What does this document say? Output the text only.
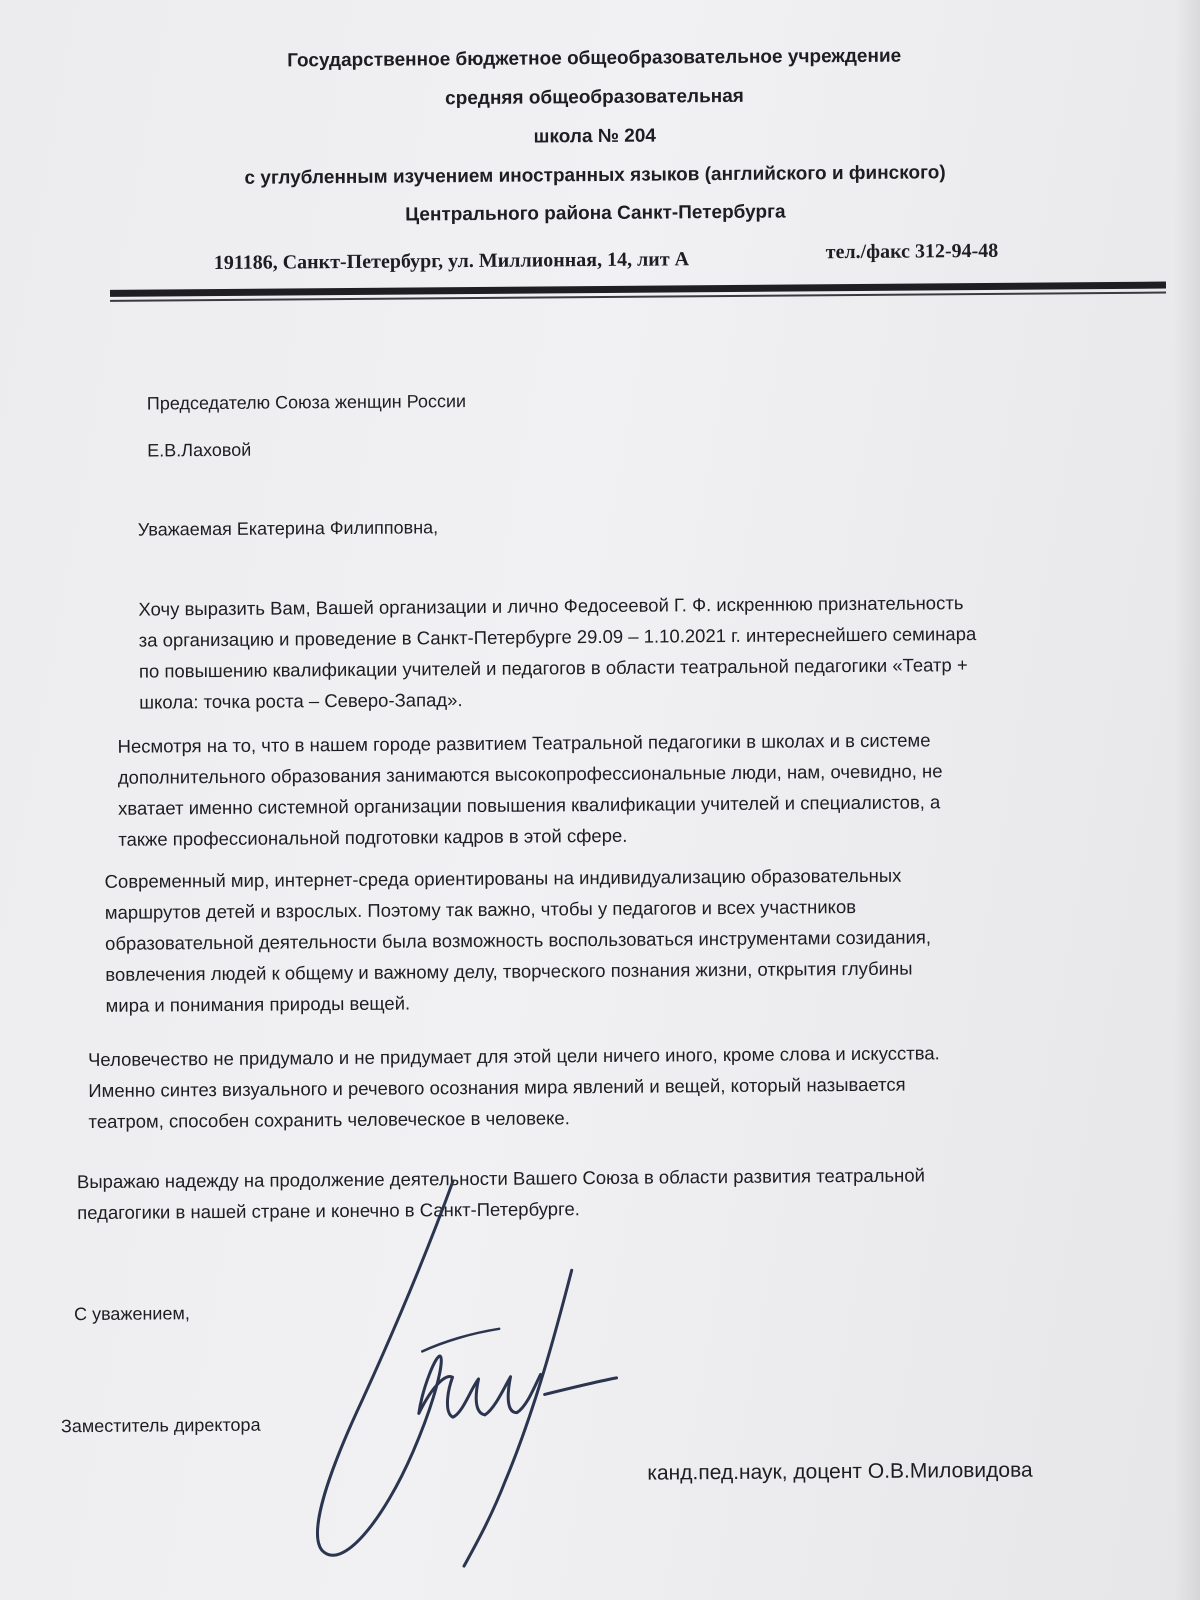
Государственное бюджетное общеобразовательное учреждение
средняя общеобразовательная
школа № 204
с углубленным изучением иностранных языков (английского и финского)
Центрального района Санкт-Петербурга
191186, Санкт-Петербург, ул. Миллионная, 14, лит А	тел./факс 312-94-48
Председателю Союза женщин России
Е.В.Лаховой
Уважаемая Екатерина Филипповна,
Хочу выразить Вам, Вашей организации и лично Федосеевой Г. Ф. искреннюю признательность
за организацию и проведение в Санкт-Петербурге 29.09 – 1.10.2021 г. интереснейшего семинара
по повышению квалификации учителей и педагогов в области театральной педагогики «Театр +
школа: точка роста – Северо-Запад».
Несмотря на то, что в нашем городе развитием Театральной педагогики в школах и в системе
дополнительного образования занимаются высокопрофессиональные люди, нам, очевидно, не
хватает именно системной организации повышения квалификации учителей и специалистов, а
также профессиональной подготовки кадров в этой сфере.
Современный мир, интернет-среда ориентированы на индивидуализацию образовательных
маршрутов детей и взрослых. Поэтому так важно, чтобы у педагогов и всех участников
образовательной деятельности была возможность воспользоваться инструментами созидания,
вовлечения людей к общему и важному делу, творческого познания жизни, открытия глубины
мира и понимания природы вещей.
Человечество не придумало и не придумает для этой цели ничего иного, кроме слова и искусства.
Именно синтез визуального и речевого осознания мира явлений и вещей, который называется
театром, способен сохранить человеческое в человеке.
Выражаю надежду на продолжение деятельности Вашего Союза в области развития театральной
педагогики в нашей стране и конечно в Санкт-Петербурге.
С уважением,
Заместитель директора
канд.пед.наук, доцент О.В.Миловидова
